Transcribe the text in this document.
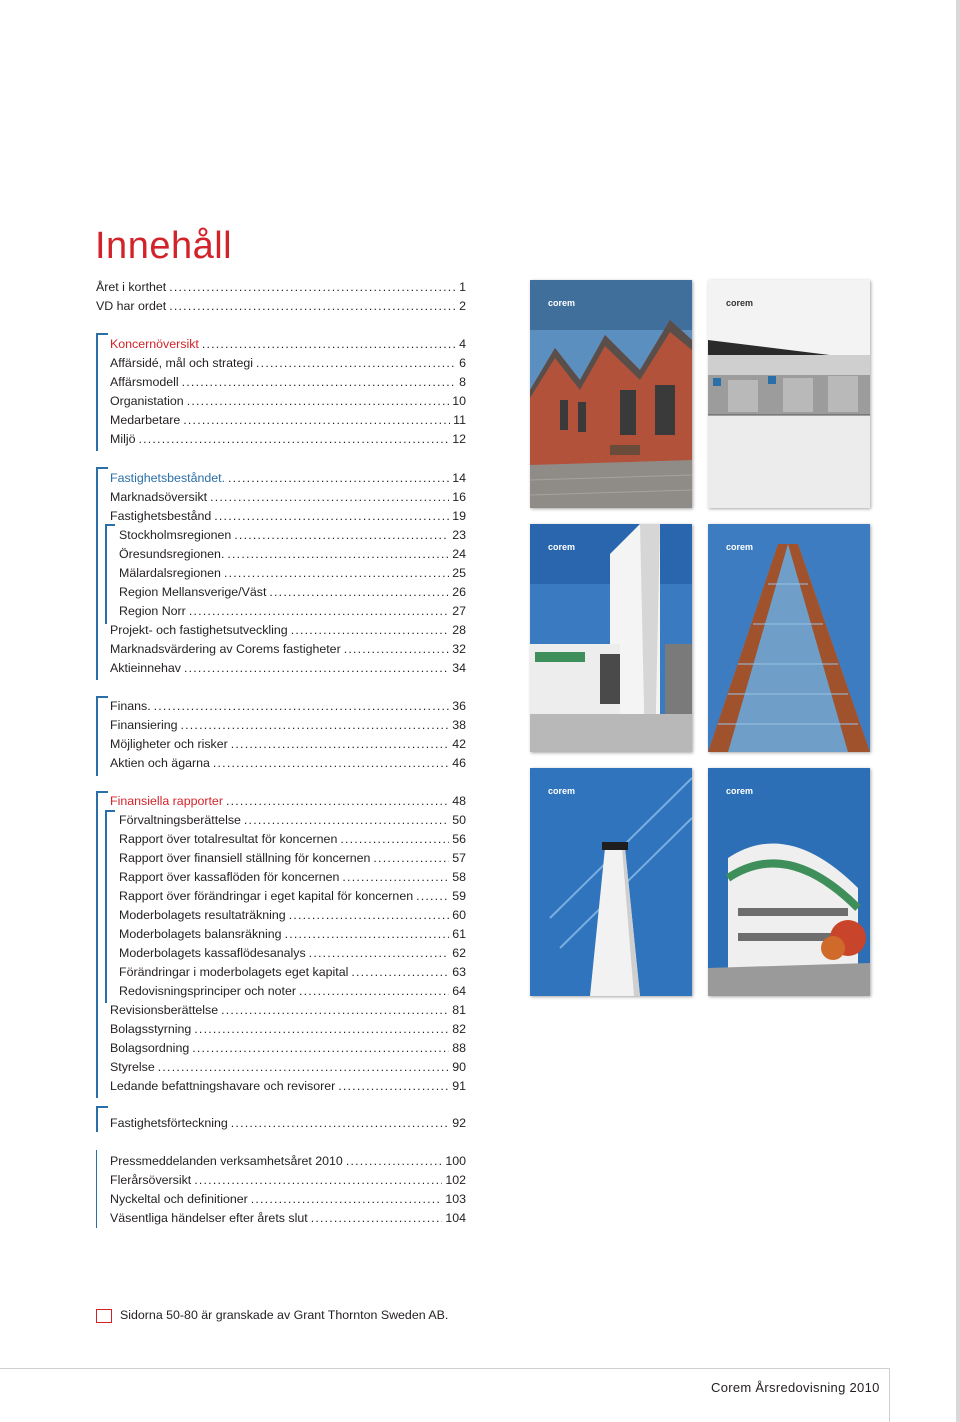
Innehåll
Året i korthet .....	1
VD har ordet .....	2
Koncernöversikt .....	4
Affärsidé, mål och strategi .....	6
Affärsmodell .....	8
Organistation .....	10
Medarbetare .....	11
Miljö .....	12
Fastighetsbeståndet. .....	14
Marknadsöversikt .....	16
Fastighetsbestånd .....	19
Stockholmsregionen .....	23
Öresundsregionen. .....	24
Mälardalsregionen .....	25
Region Mellansverige/Väst .....	26
Region Norr .....	27
Projekt- och fastighetsutveckling .....	28
Marknadsvärdering av Corems fastigheter .....	32
Aktieinnehav .....	34
Finans. .....	36
Finansiering .....	38
Möjligheter och risker .....	42
Aktien och ägarna .....	46
Finansiella rapporter .....	48
Förvaltningsberättelse .....	50
Rapport över totalresultat för koncernen .....	56
Rapport över finansiell ställning för koncernen .....	57
Rapport över kassaflöden för koncernen .....	58
Rapport över förändringar i eget kapital för koncernen .....	59
Moderbolagets resultaträkning .....	60
Moderbolagets balansräkning .....	61
Moderbolagets kassaflödesanalys .....	62
Förändringar i moderbolagets eget kapital .....	63
Redovisningsprinciper och noter .....	64
Revisionsberättelse .....	81
Bolagsstyrning .....	82
Bolagsordning .....	88
Styrelse .....	90
Ledande befattningshavare och revisorer .....	91
Fastighetsförteckning .....	92
Pressmeddelanden verksamhetsåret 2010 .....	100
Flerårsöversikt .....	102
Nyckeltal och definitioner .....	103
Väsentliga händelser efter årets slut .....	104
Sidorna 50-80 är granskade av Grant Thornton Sweden AB.
corem	corem
corem	corem
corem	corem
Corem Årsredovisning 2010
